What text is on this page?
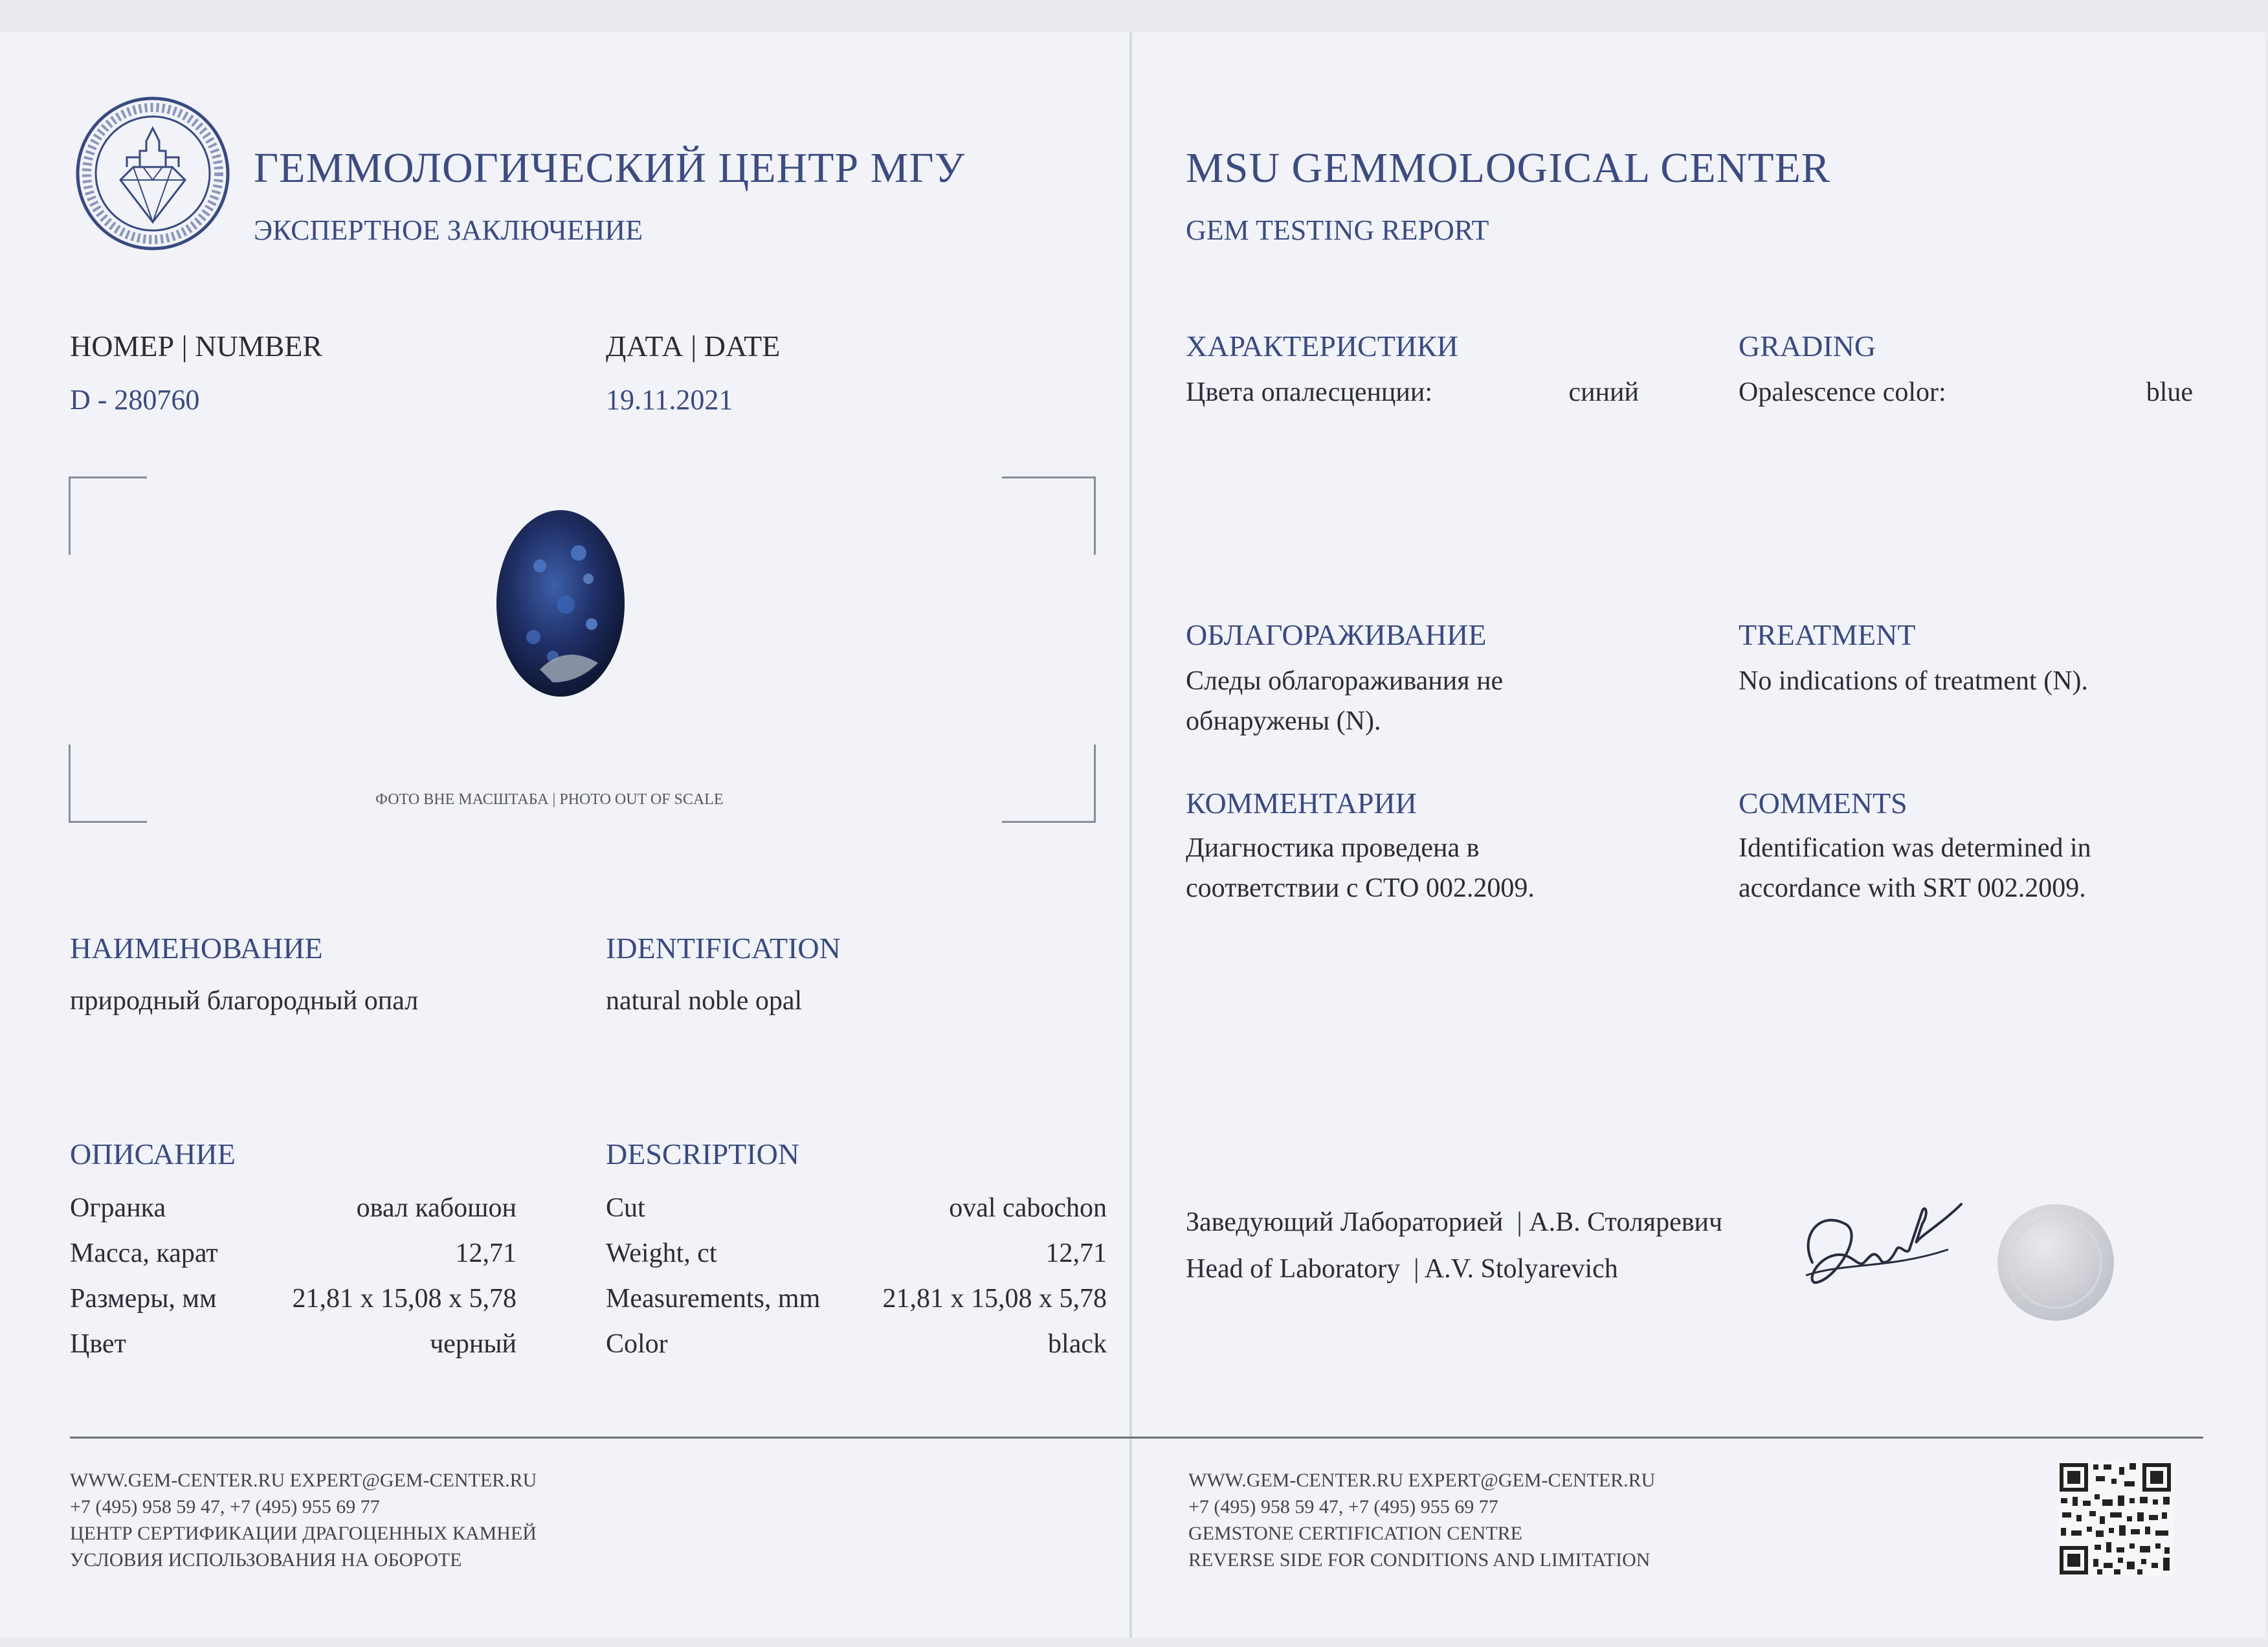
ГЕММОЛОГИЧЕСКИЙ ЦЕНТР МГУ
ЭКСПЕРТНОЕ ЗАКЛЮЧЕНИЕ
НОМЕР | NUMBER
D - 280760
ДАТА | DATE
19.11.2021
ФОТО ВНЕ МАСШТАБА | PHOTO OUT OF SCALE
НАИМЕНОВАНИЕ
природный благородный опал
IDENTIFICATION
natural noble opal
ОПИСАНИЕ	DESCRIPTION
Огранка	овал кабошон
Масса, карат	12,71
Размеры, мм	21,81 x 15,08 x 5,78
Цвет	черный
Cut	oval cabochon
Weight, ct	12,71
Measurements, mm 21,81 x 15,08 x 5,78
Color	black
WWW.GEM-CENTER.RU EXPERT@GEM-CENTER.RU
+7 (495) 958 59 47, +7 (495) 955 69 77
ЦЕНТР СЕРТИФИКАЦИИ ДРАГОЦЕННЫХ КАМНЕЙ
УСЛОВИЯ ИСПОЛЬЗОВАНИЯ НА ОБОРОТЕ
MSU GEMMOLOGICAL CENTER
GEM TESTING REPORT
ХАРАКТЕРИСТИКИ
Цвета опалесценции:	синий
GRADING
Opalescence color:	blue
ОБЛАГОРАЖИВАНИЕ
Следы облагораживания не
обнаружены (N).
TREATMENT
No indications of treatment (N).
КОММЕНТАРИИ
Диагностика проведена в
соответствии с СТО 002.2009.
COMMENTS
Identification was determined in
accordance with SRT 002.2009.
Заведующий Лабораторией  | А.В. Столяревич
Head of Laboratory  | A.V. Stolyarevich
WWW.GEM-CENTER.RU EXPERT@GEM-CENTER.RU
+7 (495) 958 59 47, +7 (495) 955 69 77
GEMSTONE CERTIFICATION CENTRE
REVERSE SIDE FOR CONDITIONS AND LIMITATION
